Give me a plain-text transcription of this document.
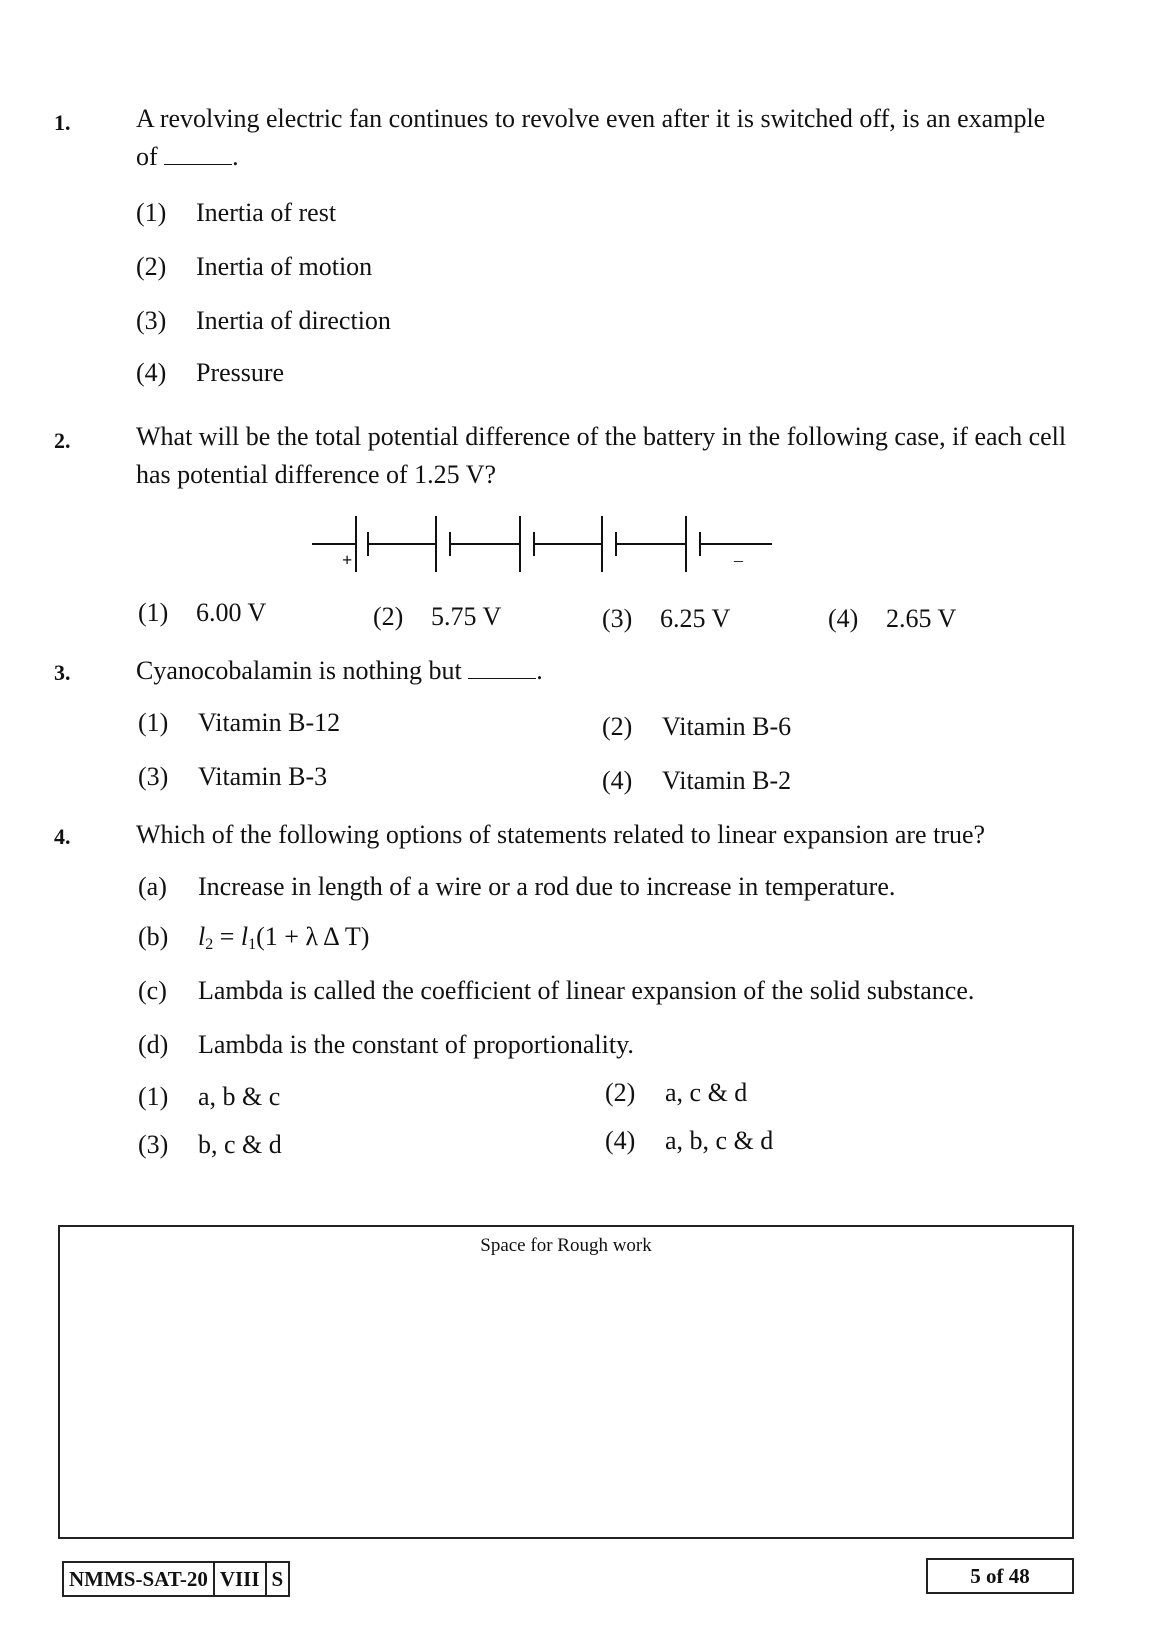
1.	A revolving electric fan continues to revolve even after it is switched off, is an example of	.
(1) Inertia of rest
(2) Inertia of motion
(3) Inertia of direction
(4) Pressure
2.	What will be the total potential difference of the battery in the following case, if each cell has potential difference of 1.25 V?
+	–
(1) 6.00 V	(2) 5.75 V	(3) 6.25 V	(4) 2.65 V
3.	Cyanocobalamin is nothing but	.
(1) Vitamin B-12	(2) Vitamin B-6
(3) Vitamin B-3	(4) Vitamin B-2
4.	Which of the following options of statements related to linear expansion are true?
(a) Increase in length of a wire or a rod due to increase in temperature.
(b) $l_2 = l_1(1 + \lambda$ Δ T)
(c) Lambda is called the coefficient of linear expansion of the solid substance.
(d) Lambda is the constant of proportionality.
(1) a, b & c	(2) a, c & d
(3) b, c & d	(4) a, b, c & d
Space for Rough work
NMMS-SAT-20 VIII S	5 of 48
